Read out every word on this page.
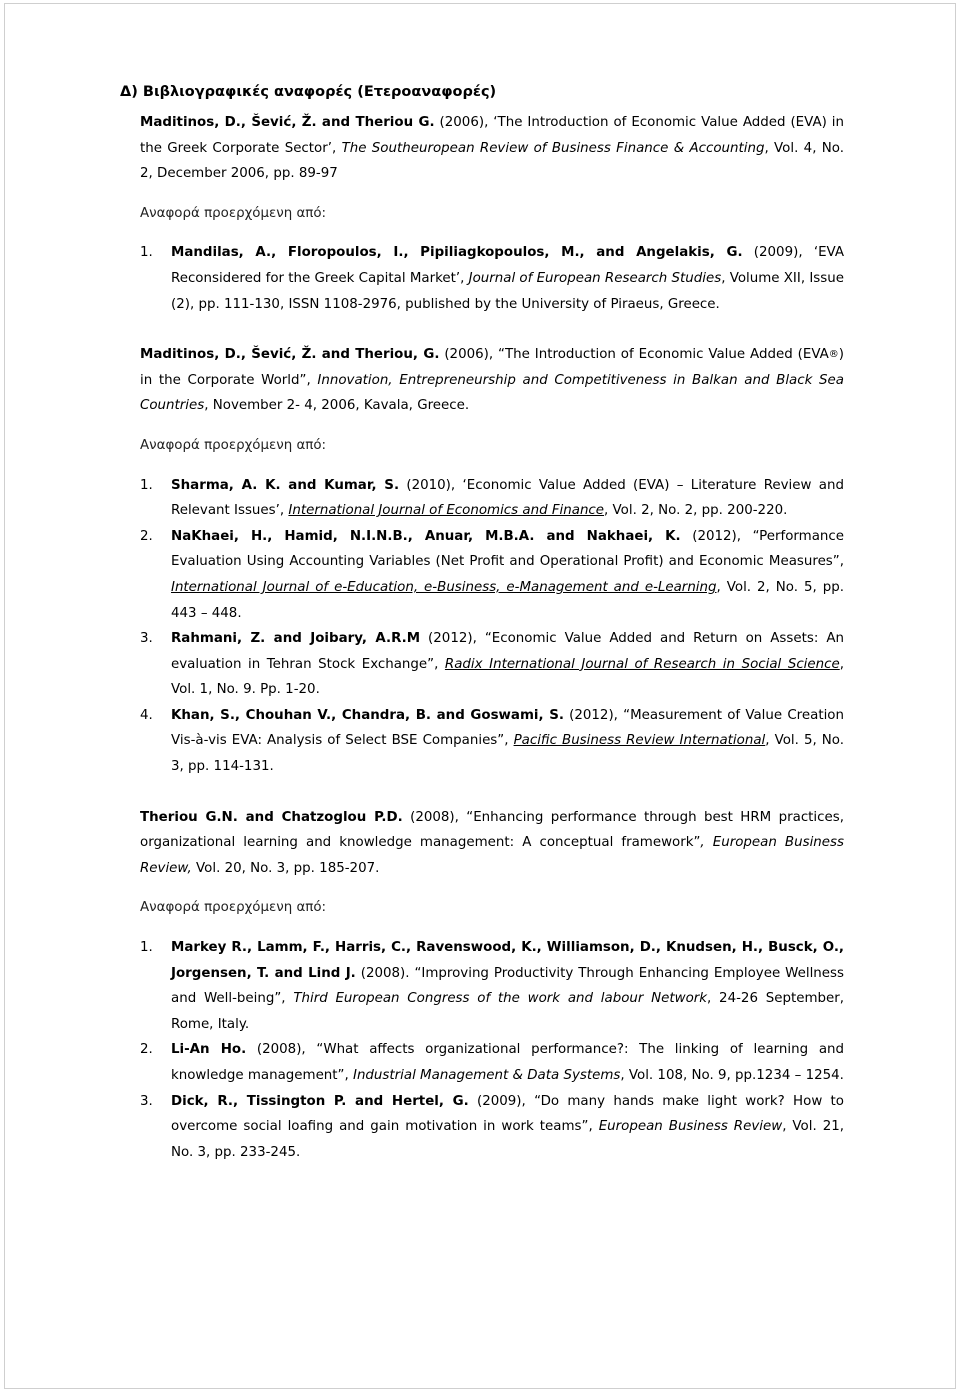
Δ) Βιβλιογραφικές αναφορές (Ετεροαναφορές)

Maditinos, D., Šević, Ž. and Theriou G. (2006), ‘The Introduction of Economic Value Added (EVA) in the Greek Corporate Sector’, The Southeuropean Review of Business Finance & Accounting, Vol. 4, No. 2, December 2006, pp. 89-97

Αναφορά προερχόμενη από:

1. Mandilas, A., Floropoulos, I., Pipiliagkopoulos, M., and Angelakis, G. (2009), ‘EVA Reconsidered for the Greek Capital Market’, Journal of European Research Studies, Volume XII, Issue (2), pp. 111-130, ISSN 1108-2976, published by the University of Piraeus, Greece.

Maditinos, D., Šević, Ž. and Theriou, G. (2006), “The Introduction of Economic Value Added (EVA®) in the Corporate World”, Innovation, Entrepreneurship and Competitiveness in Balkan and Black Sea Countries, November 2- 4, 2006, Kavala, Greece.

Αναφορά προερχόμενη από:

1. Sharma, A. K. and Kumar, S. (2010), ‘Economic Value Added (EVA) – Literature Review and Relevant Issues’, International Journal of Economics and Finance, Vol. 2, No. 2, pp. 200-220.
2. NaKhaei, H., Hamid, N.I.N.B., Anuar, M.B.A. and Nakhaei, K. (2012), “Performance Evaluation Using Accounting Variables (Net Profit and Operational Profit) and Economic Measures”, International Journal of e-Education, e-Business, e-Management and e-Learning, Vol. 2, No. 5, pp. 443 – 448.
3. Rahmani, Z. and Joibary, A.R.M (2012), “Economic Value Added and Return on Assets: An evaluation in Tehran Stock Exchange”, Radix International Journal of Research in Social Science, Vol. 1, No. 9. Pp. 1-20.
4. Khan, S., Chouhan V., Chandra, B. and Goswami, S. (2012), “Measurement of Value Creation Vis-à-vis EVA: Analysis of Select BSE Companies”, Pacific Business Review International, Vol. 5, No. 3, pp. 114-131.

Theriou G.N. and Chatzoglou P.D. (2008), “Enhancing performance through best HRM practices, organizational learning and knowledge management: A conceptual framework”, European Business Review, Vol. 20, No. 3, pp. 185-207.

Αναφορά προερχόμενη από:

1. Markey R., Lamm, F., Harris, C., Ravenswood, K., Williamson, D., Knudsen, H., Busck, O., Jorgensen, T. and Lind J. (2008). “Improving Productivity Through Enhancing Employee Wellness and Well-being”, Third European Congress of the work and labour Network, 24-26 September, Rome, Italy.
2. Li-An Ho. (2008), “What affects organizational performance?: The linking of learning and knowledge management”, Industrial Management & Data Systems, Vol. 108, No. 9, pp.1234 – 1254.
3. Dick, R., Tissington P. and Hertel, G. (2009), “Do many hands make light work? How to overcome social loafing and gain motivation in work teams”, European Business Review, Vol. 21, No. 3, pp. 233-245.
